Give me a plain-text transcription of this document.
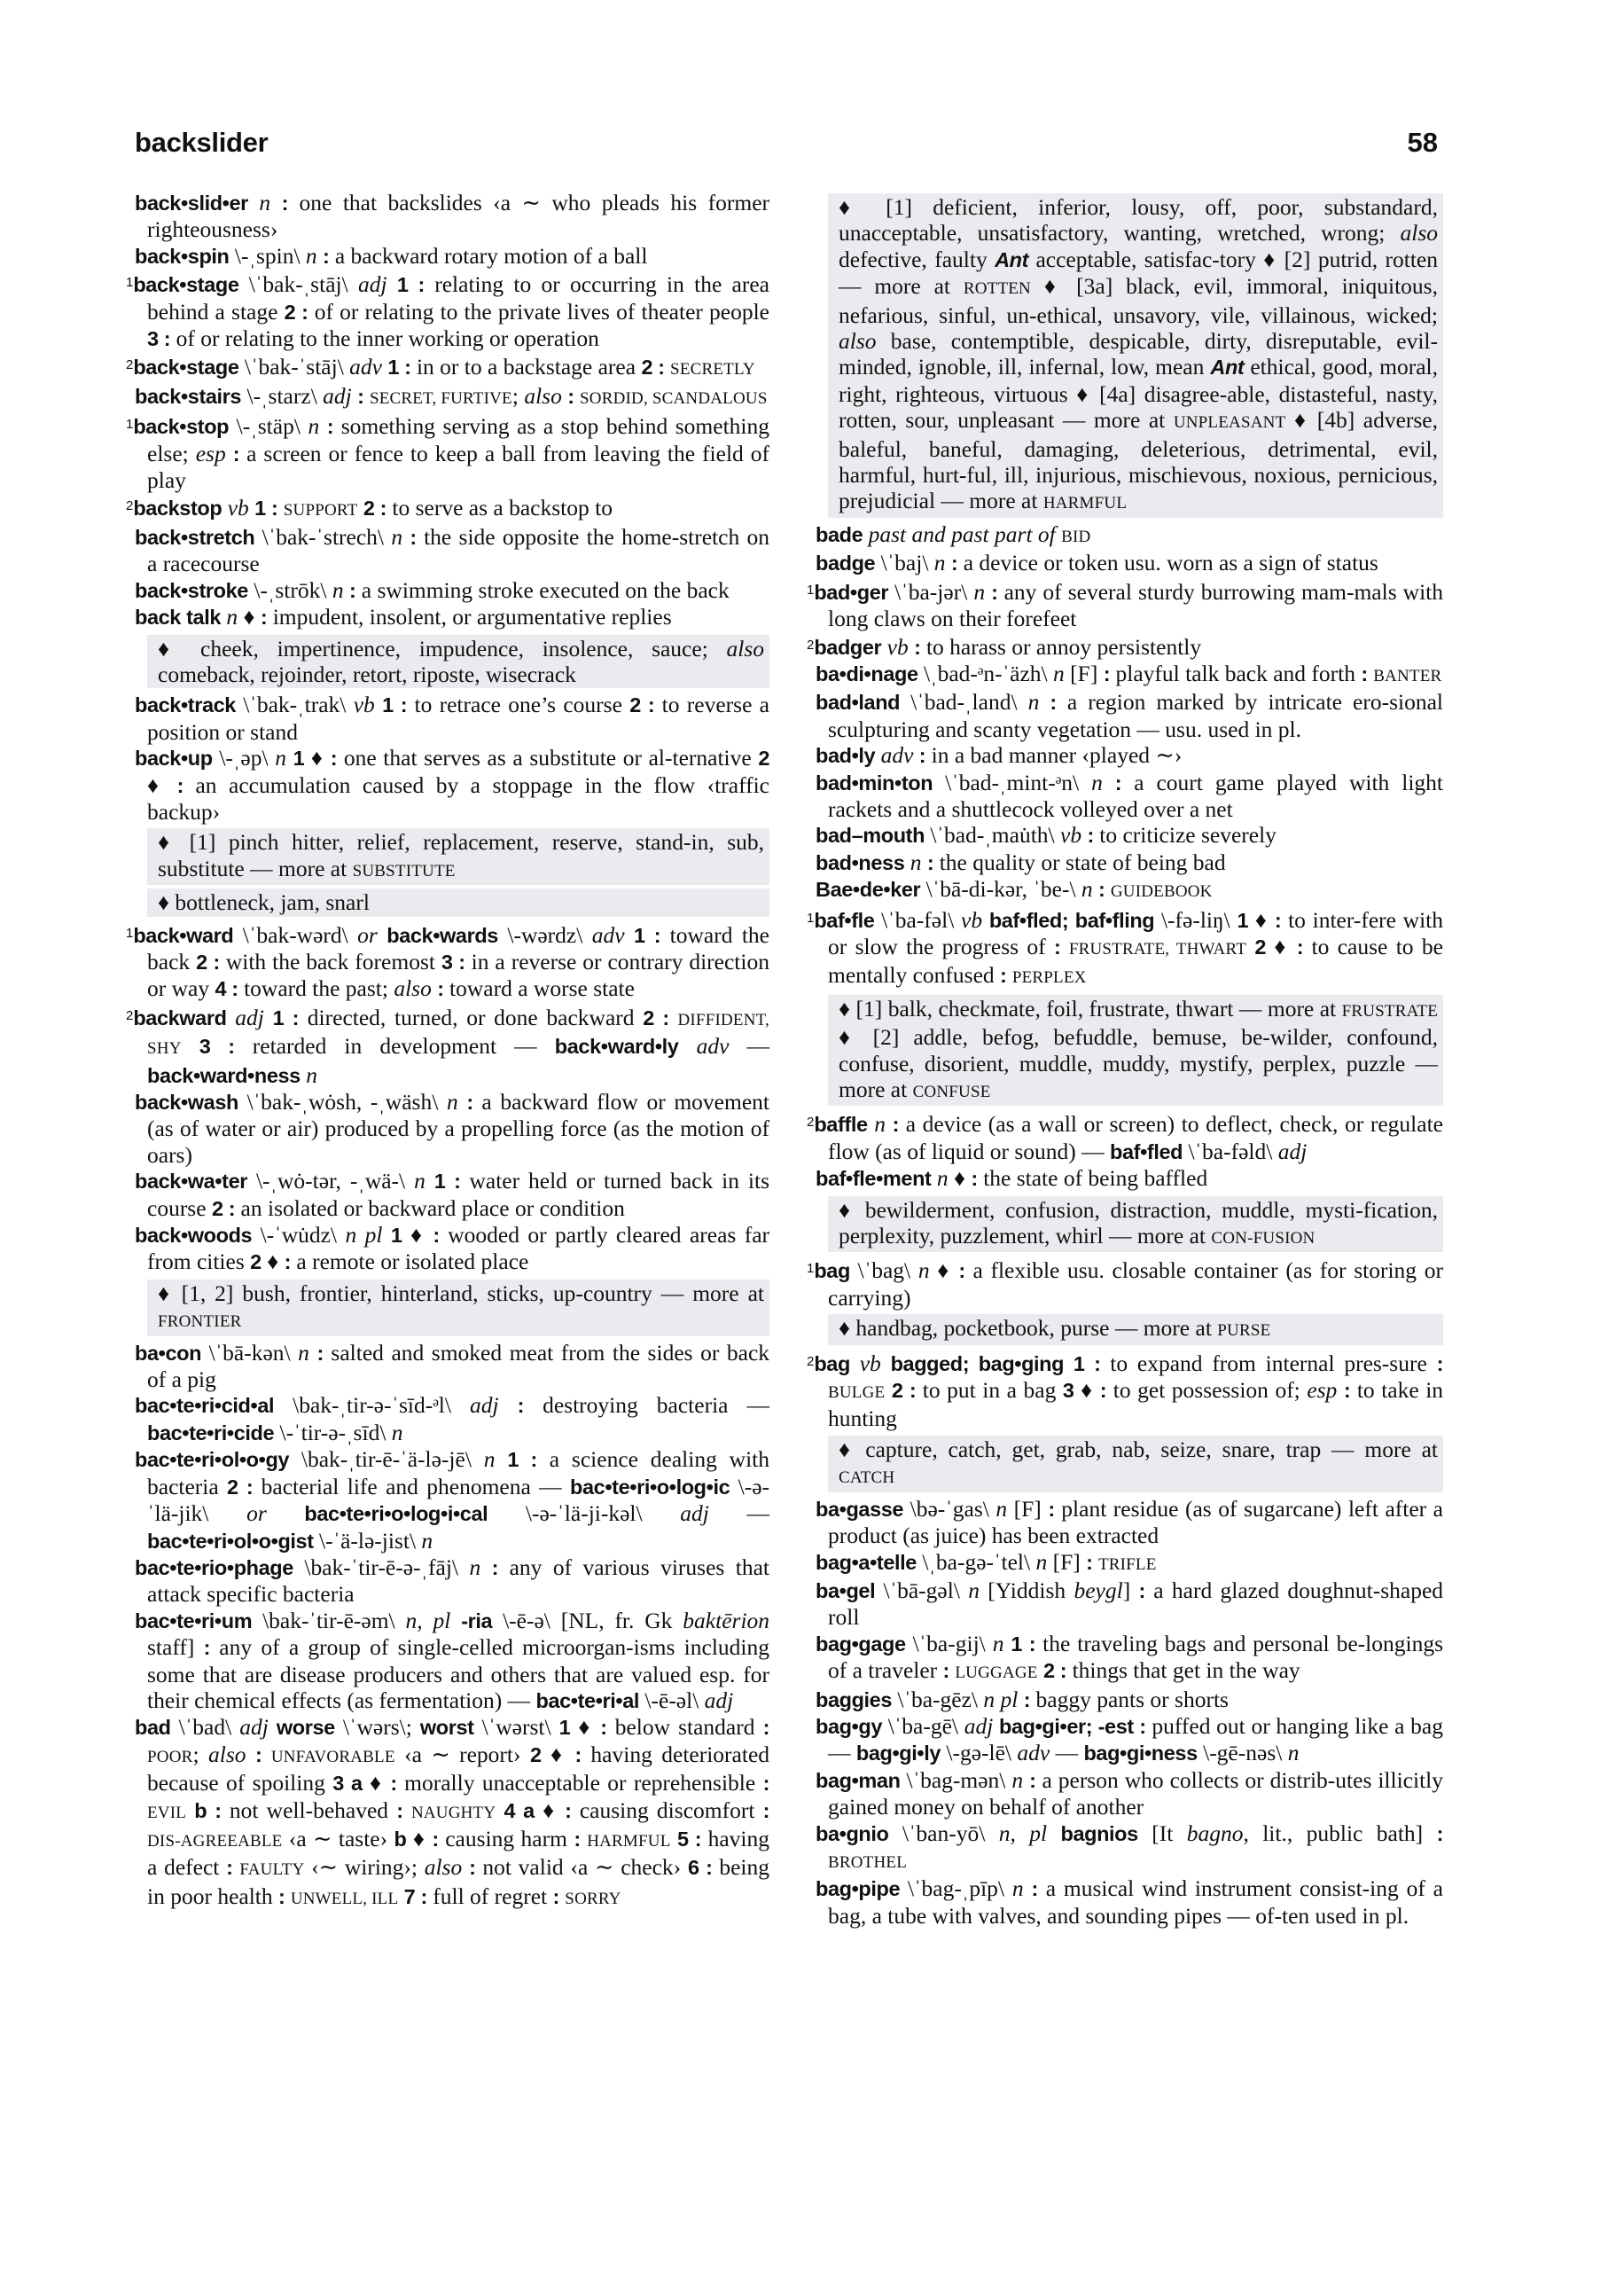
backslider	58
back•slid•er n : one that backslides ‹a ∼ who pleads his former righteousness›
back•spin \-ˌspin\ n : a backward rotary motion of a ball
$^1$back•stage \ˈbak-ˌstāj\ adj 1 : relating to or occurring in the area behind a stage 2 : of or relating to the private lives of theater people 3 : of or relating to the inner working or operation
$^2$back•stage \ˈbak-ˈstāj\ adv 1 : in or to a backstage area 2 : SECRETLY
back•stairs \-ˌstarz\ adj : SECRET, FURTIVE; also : SORDID, SCANDALOUS
$^1$back•stop \-ˌstäp\ n : something serving as a stop behind something else; esp : a screen or fence to keep a ball from leaving the field of play
$^2$backstop vb 1 : SUPPORT 2 : to serve as a backstop to
back•stretch \ˈbak-ˈstrech\ n : the side opposite the home-stretch on a racecourse
back•stroke \-ˌstrōk\ n : a swimming stroke executed on the back
back talk n ♦ : impudent, insolent, or argumentative replies
♦ cheek, impertinence, impudence, insolence, sauce; also comeback, rejoinder, retort, riposte, wisecrack
back•track \ˈbak-ˌtrak\ vb 1 : to retrace one’s course 2 : to reverse a position or stand
back•up \-ˌəp\ n 1 ♦ : one that serves as a substitute or al-ternative 2 ♦ : an accumulation caused by a stoppage in the flow ‹traffic backup›
♦ [1] pinch hitter, relief, replacement, reserve, stand-in, sub, substitute — more at SUBSTITUTE
♦ bottleneck, jam, snarl
$^1$back•ward \ˈbak-wərd\ or back•wards \-wərdz\ adv 1 : toward the back 2 : with the back foremost 3 : in a reverse or contrary direction or way 4 : toward the past; also : toward a worse state
$^2$backward adj 1 : directed, turned, or done backward 2 : DIFFIDENT, SHY 3 : retarded in development — back•ward•ly adv — back•ward•ness n
back•wash \ˈbak-ˌwȯsh, -ˌwäsh\ n : a backward flow or movement (as of water or air) produced by a propelling force (as the motion of oars)
back•wa•ter \-ˌwȯ-tər, -ˌwä-\ n 1 : water held or turned back in its course 2 : an isolated or backward place or condition
back•woods \-ˈwu̇dz\ n pl 1 ♦ : wooded or partly cleared areas far from cities 2 ♦ : a remote or isolated place
♦ [1, 2] bush, frontier, hinterland, sticks, up-country — more at FRONTIER
ba•con \ˈbā-kən\ n : salted and smoked meat from the sides or back of a pig
bac•te•ri•cid•al \bak-ˌtir-ə-ˈsīd-ᵊl\ adj : destroying bacteria — bac•te•ri•cide \-ˈtir-ə-ˌsīd\ n
bac•te•ri•ol•o•gy \bak-ˌtir-ē-ˈä-lə-jē\ n 1 : a science dealing with bacteria 2 : bacterial life and phenomena — bac•te•ri•o•log•ic \-ə-ˈlä-jik\ or bac•te•ri•o•log•i•cal \-ə-ˈlä-ji-kəl\ adj — bac•te•ri•ol•o•gist \-ˈä-lə-jist\ n
bac•te•rio•phage \bak-ˈtir-ē-ə-ˌfāj\ n : any of various viruses that attack specific bacteria
bac•te•ri•um \bak-ˈtir-ē-əm\ n, pl -ria \-ē-ə\ [NL, fr. Gk baktērion staff] : any of a group of single-celled microorgan-isms including some that are disease producers and others that are valued esp. for their chemical effects (as fermentation) — bac•te•ri•al \-ē-əl\ adj
bad \ˈbad\ adj worse \ˈwərs\; worst \ˈwərst\ 1 ♦ : below standard : POOR; also : UNFAVORABLE ‹a ∼ report› 2 ♦ : having deteriorated because of spoiling 3 a ♦ : morally unacceptable or reprehensible : EVIL b : not well-behaved : NAUGHTY 4 a ♦ : causing discomfort : DIS-AGREEABLE ‹a ∼ taste› b ♦ : causing harm : HARMFUL 5 : having a defect : FAULTY ‹∼ wiring›; also : not valid ‹a ∼ check› 6 : being in poor health : UNWELL, ILL 7 : full of regret : SORRY
♦ [1] deficient, inferior, lousy, off, poor, substandard, unacceptable, unsatisfactory, wanting, wretched, wrong; also defective, faulty Ant acceptable, satisfac-tory ♦ [2] putrid, rotten — more at ROTTEN ♦ [3a] black, evil, immoral, iniquitous, nefarious, sinful, un-ethical, unsavory, vile, villainous, wicked; also base, contemptible, despicable, dirty, disreputable, evil-minded, ignoble, ill, infernal, low, mean Ant ethical, good, moral, right, righteous, virtuous ♦ [4a] disagree-able, distasteful, nasty, rotten, sour, unpleasant — more at UNPLEASANT ♦ [4b] adverse, baleful, baneful, damaging, deleterious, detrimental, evil, harmful, hurt-ful, ill, injurious, mischievous, noxious, pernicious, prejudicial — more at HARMFUL
bade past and past part of BID
badge \ˈbaj\ n : a device or token usu. worn as a sign of status
$^1$bad•ger \ˈba-jər\ n : any of several sturdy burrowing mam-mals with long claws on their forefeet
$^2$badger vb : to harass or annoy persistently
ba•di•nage \ˌbad-ᵊn-ˈäzh\ n [F] : playful talk back and forth : BANTER
bad•land \ˈbad-ˌland\ n : a region marked by intricate ero-sional sculpturing and scanty vegetation — usu. used in pl.
bad•ly adv : in a bad manner ‹played ∼›
bad•min•ton \ˈbad-ˌmint-ᵊn\ n : a court game played with light rackets and a shuttlecock volleyed over a net
bad–mouth \ˈbad-ˌmau̇th\ vb : to criticize severely
bad•ness n : the quality or state of being bad
Bae•de•ker \ˈbā-di-kər, ˈbe-\ n : GUIDEBOOK
$^1$baf•fle \ˈba-fəl\ vb baf•fled; baf•fling \-fə-liŋ\ 1 ♦ : to inter-fere with or slow the progress of : FRUSTRATE, THWART 2 ♦ : to cause to be mentally confused : PERPLEX
♦ [1] balk, checkmate, foil, frustrate, thwart — more at FRUSTRATE ♦ [2] addle, befog, befuddle, bemuse, be-wilder, confound, confuse, disorient, muddle, muddy, mystify, perplex, puzzle — more at CONFUSE
$^2$baffle n : a device (as a wall or screen) to deflect, check, or regulate flow (as of liquid or sound) — baf•fled \ˈba-fəld\ adj
baf•fle•ment n ♦ : the state of being baffled
♦ bewilderment, confusion, distraction, muddle, mysti-fication, perplexity, puzzlement, whirl — more at CON-FUSION
$^1$bag \ˈbag\ n ♦ : a flexible usu. closable container (as for storing or carrying)
♦ handbag, pocketbook, purse — more at PURSE
$^2$bag vb bagged; bag•ging 1 : to expand from internal pres-sure : BULGE 2 : to put in a bag 3 ♦ : to get possession of; esp : to take in hunting
♦ capture, catch, get, grab, nab, seize, snare, trap — more at CATCH
ba•gasse \bə-ˈgas\ n [F] : plant residue (as of sugarcane) left after a product (as juice) has been extracted
bag•a•telle \ˌba-gə-ˈtel\ n [F] : TRIFLE
ba•gel \ˈbā-gəl\ n [Yiddish beygl] : a hard glazed doughnut-shaped roll
bag•gage \ˈba-gij\ n 1 : the traveling bags and personal be-longings of a traveler : LUGGAGE 2 : things that get in the way
baggies \ˈba-gēz\ n pl : baggy pants or shorts
bag•gy \ˈba-gē\ adj bag•gi•er; -est : puffed out or hanging like a bag — bag•gi•ly \-gə-lē\ adv — bag•gi•ness \-gē-nəs\ n
bag•man \ˈbag-mən\ n : a person who collects or distrib-utes illicitly gained money on behalf of another
ba•gnio \ˈban-yō\ n, pl bagnios [It bagno, lit., public bath] : BROTHEL
bag•pipe \ˈbag-ˌpīp\ n : a musical wind instrument consist-ing of a bag, a tube with valves, and sounding pipes — of-ten used in pl.
